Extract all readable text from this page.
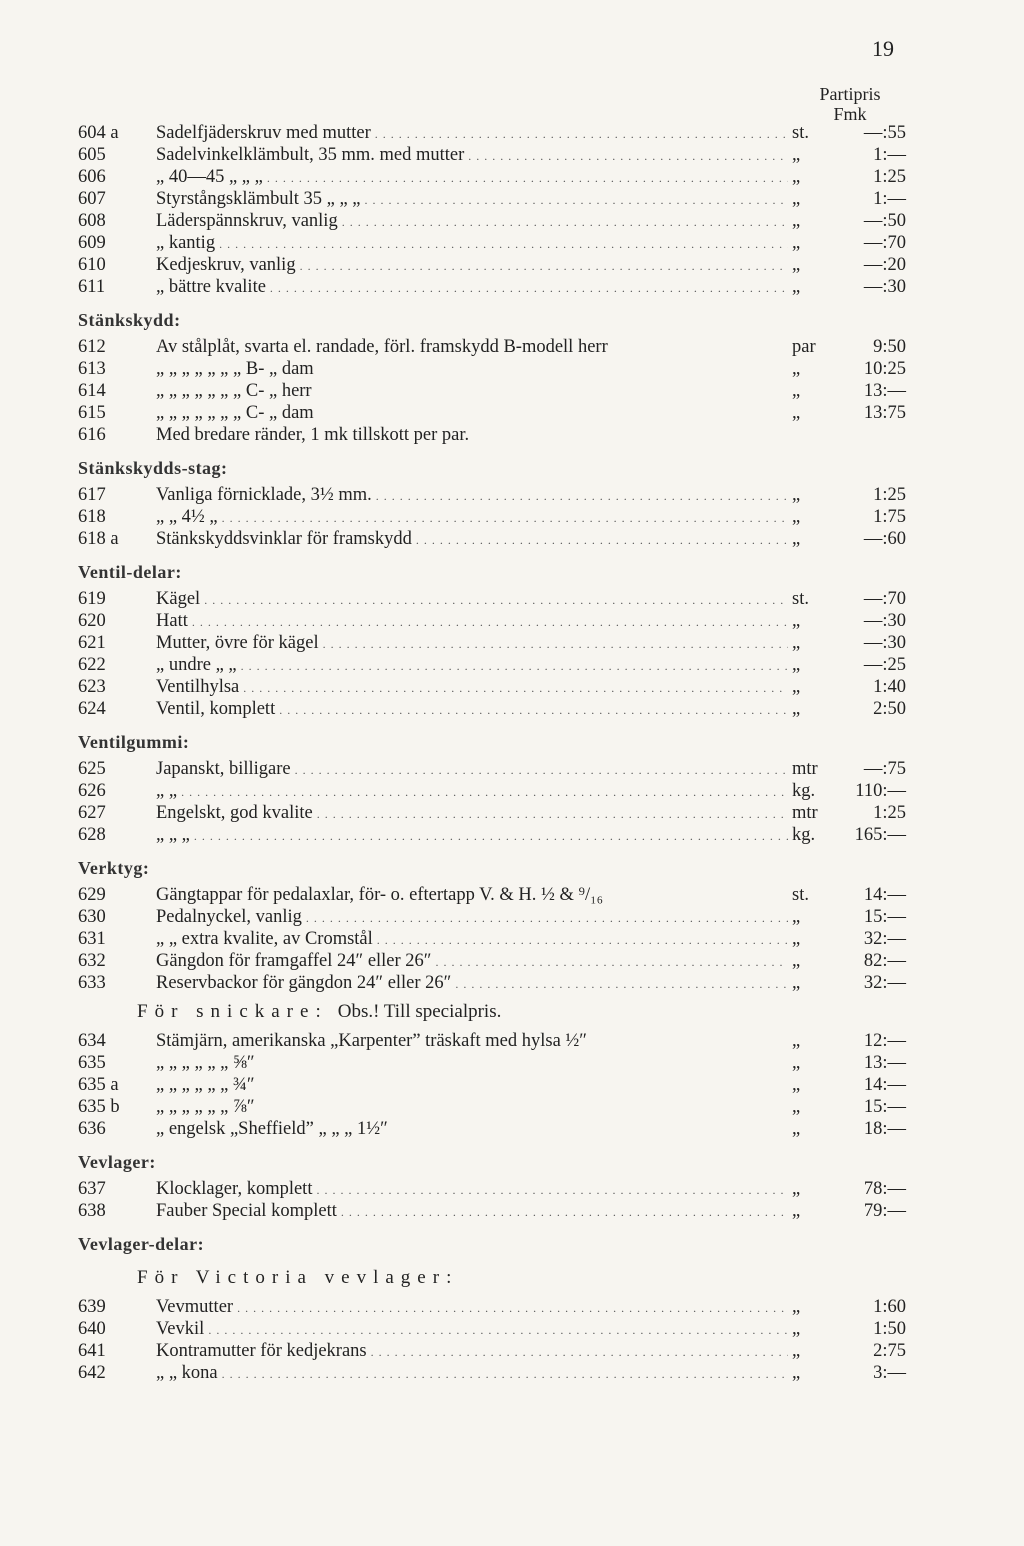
19
Partipris
Fmk
604 a Sadelfjäderskruv med mutter . . .	st.	—:55
605	Sadelvinkelklämbult, 35 mm. med mutter . . .	„	1:—
606	„ 40—45 „ „ „ . . .	„	1:25
607	Styrstångsklämbult 35 „ „ „ . . .	„	1:—
608	Läderspännskruv, vanlig . . .	„	—:50
609	„ kantig . . .	„	—:70
610	Kedjeskruv, vanlig . . .	„	—:20
611	„ bättre kvalite . . .	„	—:30
Stänkskydd:
612	Av stålplåt, svarta el. randade, förl. framskydd B-modell herr	par	9:50
613	„ „ „ „ „ „ „ B- „ dam	„	10:25
614	„ „ „ „ „ „ „ C- „ herr	„	13:—
615	„ „ „ „ „ „ „ C- „ dam	„	13:75
616	Med bredare ränder, 1 mk tillskott per par.
Stänkskydds-stag:
617	Vanliga förnicklade, 3½ mm. . . .	„	1:25
618	„ „ 4½ „ . . .	„	1:75
618 a Stänkskyddsvinklar för framskydd . . .	„	—:60
Ventil-delar:
619	Kägel . . .	st.	—:70
620	Hatt . . .	„	—:30
621	Mutter, övre för kägel . . .	„	—:30
622	„ undre „ „ . . .	„	—:25
623	Ventilhylsa . . .	„	1:40
624	Ventil, komplett . . .	„	2:50
Ventilgummi:
625	Japanskt, billigare . . .	mtr —:75
626	„ „ . . .	kg. 110:—
627	Engelskt, god kvalite . . .	mtr	1:25
628	„ „ „ . . .	kg. 165:—
Verktyg:
629	Gängtappar för pedalaxlar, för- o. eftertapp V. & H. ½ & ⁹/₁₆	st.	14:—
630	Pedalnyckel, vanlig . . .	„	15:—
631	„ „ extra kvalite, av Cromstål . . .	„	32:—
632	Gängdon för framgaffel 24″ eller 26″ . . .	„	82:—
633	Reservbackor för gängdon 24″ eller 26″ . . .	„	32:—
För snickare: Obs.! Till specialpris.
634	Stämjärn, amerikanska „Karpenter” träskaft med hylsa ½″	„	12:—
635	„ „ „ „ „ „ ⅝″	„	13:—
635 a „ „ „ „ „ „ ¾″	„	14:—
635 b „ „ „ „ „ „ ⅞″	„	15:—
636	„ engelsk „Sheffield” „ „ „ 1½″	„	18:—
Vevlager:
637	Klocklager, komplett . . .	„	78:—
638	Fauber Special komplett . . .	„	79:—
Vevlager-delar:
För Victoria vevlager:
639	Vevmutter . . .	„	1:60
640	Vevkil . . .	„	1:50
641	Kontramutter för kedjekrans . . .	„	2:75
642	„ „ kona . . .	„	3:—
